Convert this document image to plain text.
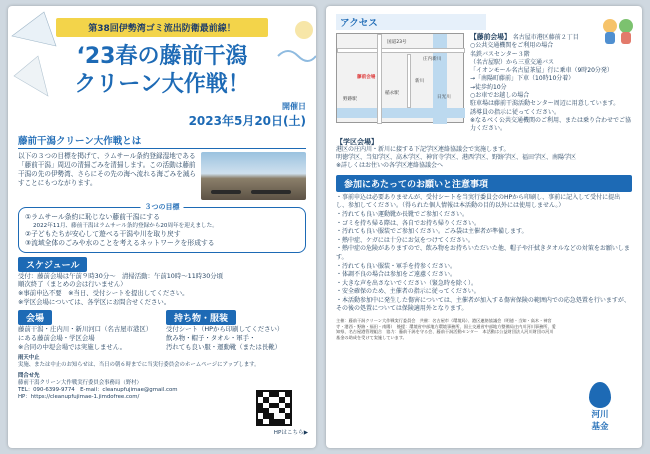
第38回伊勢湾ゴミ流出防衛最前線！
‘23春の藤前干潟
クリーン大作戦！
開催日
2023年5月20日(土)
藤前干潟クリーン大作戦とは

以下の３つの目標を掲げて、ラムサール条約登録湿地である「藤前干潟」周辺の清掃ごみを清掃します。この活動は藤前干潟の先の伊勢湾、さらにその先の海へ流れる海ごみを減らすことにもつながります。

３つの目標
①ラムサール条約に恥じない藤前干潟にする
2022年11月、藤前干潟はラムサール条約登録から20周年を迎えました。
②子どもたちが安心して遊べる干潟や川を取り戻す
③流域全体のごみや水のことを考えるネットワークを形成する
スケジュール
受付：藤前会場は午前９時30分～　清掃活動：午前10時～11時30分頃
順次終了（まとめの会は行いません）
※事前申込不要　※当日、受付シートを提出してください。
※学区会場については、各学区にお問合せください。
会場
藤前干潟・庄内川・新川河口（名古屋市港区）
にある藤前会場・学区会場
※合同の中堤会場では実施しません。
持ち物・服装
受付シート（HPから印刷してください）
飲み物・帽子・タオル・軍手・
汚れても良い服・運動靴（または長靴）
雨天中止
実施、または中止のお知らせは、当日の朝６時までに当実行委員会のホームページにアップします。
問合せ先
藤前干潟クリーン大作戦実行委員会事務局（野村）
TEL：090-6399-9774　E-mail：cleanupfujimae@gmail.com
HP：https://cleanupfujimae-1.jimdofree.com/
HPはこちら▶
アクセス
国道23号
庄内新川
藤前会場
稲永駅
野跡駅	日光川
新川
【藤前会場】 名古屋市港区藤前２丁目
○公共交通機関をご利用の場合
名鉄バスセンター３階
（名古屋駅）から三重交通バス
「イオンモール名古屋茶屋」行に乗車（9時20分発）
→「南陽町藤前」下車（10時10分着）
→徒歩約10分
○お車でお越しの場合
駐車場は藤前干潟活動センター周辺に用意しています。
誘導員の指示に従ってください。
※なるべく公共交通機関のご利用、または乗り合わせでご協力ください。
【学区会場】
港区の庄内川・新川に接する下記学区連絡協議会で実施します。
明徳学区、当知学区、高木学区、神宮寺学区、港西学区、野跡学区、福田学区、南陽学区
※詳しくはお住いの各学区連絡協議会へ
参加にあたってのお願いと注意事項
・事前申込は必要ありませんが、受付シートを当実行委員会のHPから印刷し、事前に記入して受付に提出し、参加してください。（得られた個人情報は本活動の目的以外には使用しません。）
・汚れても良い運動靴か長靴でご参加ください。
・ゴミを持ち帰る際は、各自でお持ち帰りください。
・汚れても良い服装でご参加ください。ごみ袋は主催者が準備します。
・熱中症、ケガには十分にお気をつけてください。
・熱中症の危険がありますので、飲み物をお持ちいただいた他、帽子や汗拭きタオルなどの対策をお願いします。
・汚れても良い服装・軍手を持参ください。
・体調不良の場合は参加をご遠慮ください。
・大きな声を出さないでください（緊急時を除く）。
・安全確保のため、主催者の指示に従ってください。
・本活動参加中に発生した傷害については、主催者が加入する傷害保険の範囲内での応急処置を行いますが、その後の処置については保険適用外となります。
主催：藤前干潟クリーン大作戦実行委員会　共催：名古屋市（環境局）、港区連絡協議会（明徳・当知・高木・神宮寺・港西・野跡・福田・南陽）　後援：環境省中部地方環境事務所、国土交通省中部地方整備局庄内川河川事務所、愛知県、名古屋港管理組合　協力：藤前干潟を守る会、藤前干潟活動センター　本活動は公益財団法人河川財団の河川基金の助成を受けて実施しています。
河川
基金
